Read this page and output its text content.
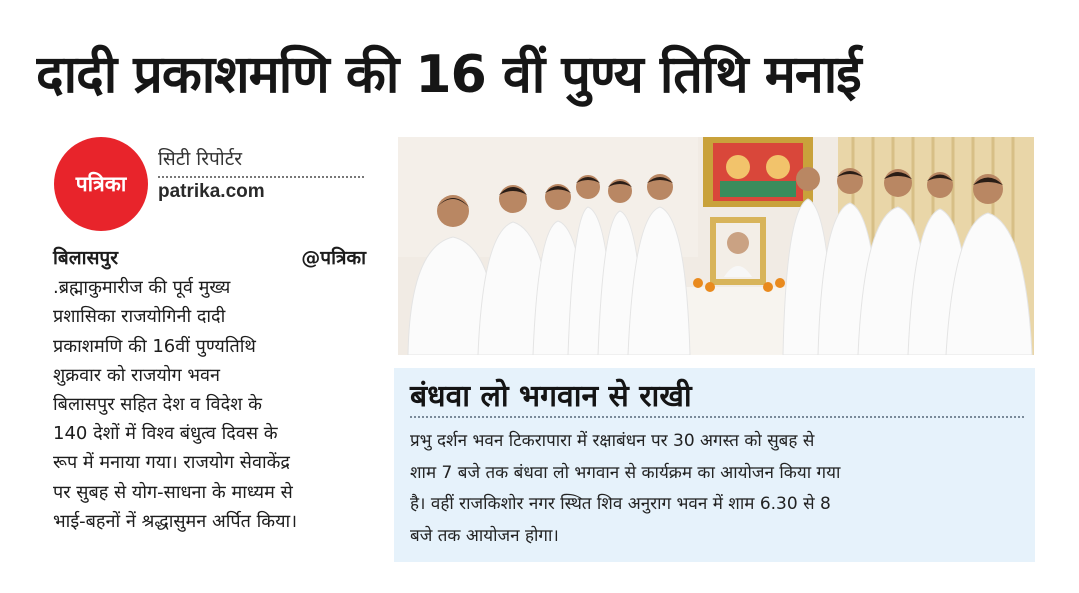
दादी प्रकाशमणि की 16 वीं पुण्य तिथि मनाई
पत्रिका
सिटी रिपोर्टर
patrika.com
बिलासपुर	@पत्रिका
.ब्रह्माकुमारीज की पूर्व मुख्य
प्रशासिका राजयोगिनी दादी
प्रकाशमणि की 16वीं पुण्यतिथि
शुक्रवार को राजयोग भवन
बिलासपुर सहित देश व विदेश के
140 देशों में विश्व बंधुत्व दिवस के
रूप में मनाया गया। राजयोग सेवाकेंद्र
पर सुबह से योग-साधना के माध्यम से
भाई-बहनों नें श्रद्धासुमन अर्पित किया।
बंधवा लो भगवान से राखी
प्रभु दर्शन भवन टिकरापारा में रक्षाबंधन पर 30 अगस्त को सुबह से
शाम 7 बजे तक बंधवा लो भगवान से कार्यक्रम का आयोजन किया गया
है। वहीं राजकिशोर नगर स्थित शिव अनुराग भवन में शाम 6.30 से 8
बजे तक आयोजन होगा।
